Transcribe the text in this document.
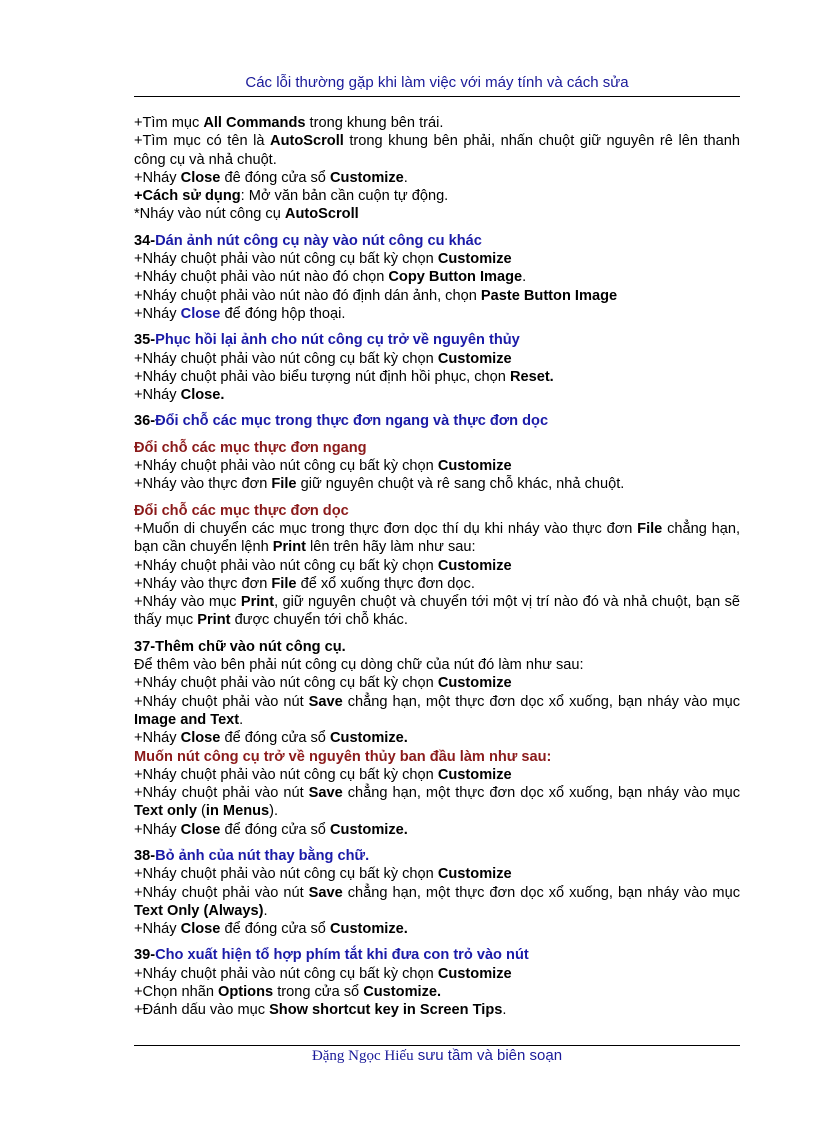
Các lỗi thường gặp khi làm việc với máy tính và cách sửa

+Tìm mục All Commands trong khung bên trái.

+Tìm mục có tên là AutoScroll trong khung bên phải, nhấn chuột giữ nguyên rê lên thanh công cụ và nhả chuột.

+Nháy Close đê đóng cửa sổ Customize.

+Cách sử dụng: Mở văn bản cần cuộn tự động.

*Nháy vào nút công cụ AutoScroll

34-Dán ảnh nút công cụ này vào nút công cu khác

+Nháy chuột phải vào nút công cụ bất kỳ chọn Customize

+Nháy chuột phải vào nút nào đó chọn Copy Button Image.

+Nháy chuột phải vào nút nào đó định dán ảnh, chọn Paste Button Image

+Nháy Close để đóng hộp thoại.

35-Phục hồi lại ảnh cho nút công cụ trở về nguyên thủy

+Nháy chuột phải vào nút công cụ bất kỳ chọn Customize

+Nháy chuột phải vào biểu tượng nút định hồi phục, chọn Reset.

+Nháy Close.

36-Đổi chỗ các mục trong thực đơn ngang và thực đơn dọc

Đổi chỗ các mục thực đơn ngang

+Nháy chuột phải vào nút công cụ bất kỳ chọn Customize

+Nháy vào thực đơn File giữ nguyên chuột và rê sang chỗ khác, nhả chuột.

Đổi chỗ các mục thực đơn dọc

+Muốn di chuyển các mục trong thực đơn dọc thí dụ khi nháy vào thực đơn File chẳng hạn, bạn cần chuyển lệnh Print lên trên hãy làm như sau:

+Nháy chuột phải vào nút công cụ bất kỳ chọn Customize

+Nháy vào thực đơn File để xổ xuống thực đơn dọc.

+Nháy vào mục Print, giữ nguyên chuột và chuyển tới một vị trí nào đó và nhả chuột, bạn sẽ thấy mục Print được chuyển tới chỗ khác.

37-Thêm chữ vào nút công cụ.

Để thêm vào bên phải nút công cụ dòng chữ của nút đó làm như sau:

+Nháy chuột phải vào nút công cụ bất kỳ chọn Customize

+Nháy chuột phải vào nút Save chẳng hạn, một thực đơn dọc xổ xuống, bạn nháy vào mục Image and Text.

+Nháy Close để đóng cửa sổ Customize.

Muốn nút công cụ trở về nguyên thủy ban đầu làm như sau:

+Nháy chuột phải vào nút công cụ bất kỳ chọn Customize

+Nháy chuột phải vào nút Save chẳng hạn, một thực đơn dọc xổ xuống, bạn nháy vào mục Text only (in Menus).

+Nháy Close để đóng cửa sổ Customize.

38-Bỏ ảnh của nút thay bằng chữ.

+Nháy chuột phải vào nút công cụ bất kỳ chọn Customize

+Nháy chuột phải vào nút Save chẳng hạn, một thực đơn dọc xổ xuống, bạn nháy vào mục Text Only (Always).

+Nháy Close để đóng cửa sổ Customize.

39-Cho xuất hiện tổ hợp phím tắt khi đưa con trỏ vào nút

+Nháy chuột phải vào nút công cụ bất kỳ chọn Customize

+Chọn nhãn Options trong cửa sổ Customize.

+Đánh dấu vào mục Show shortcut key in Screen Tips.

Đặng Ngọc Hiếu sưu tầm và biên soạn
